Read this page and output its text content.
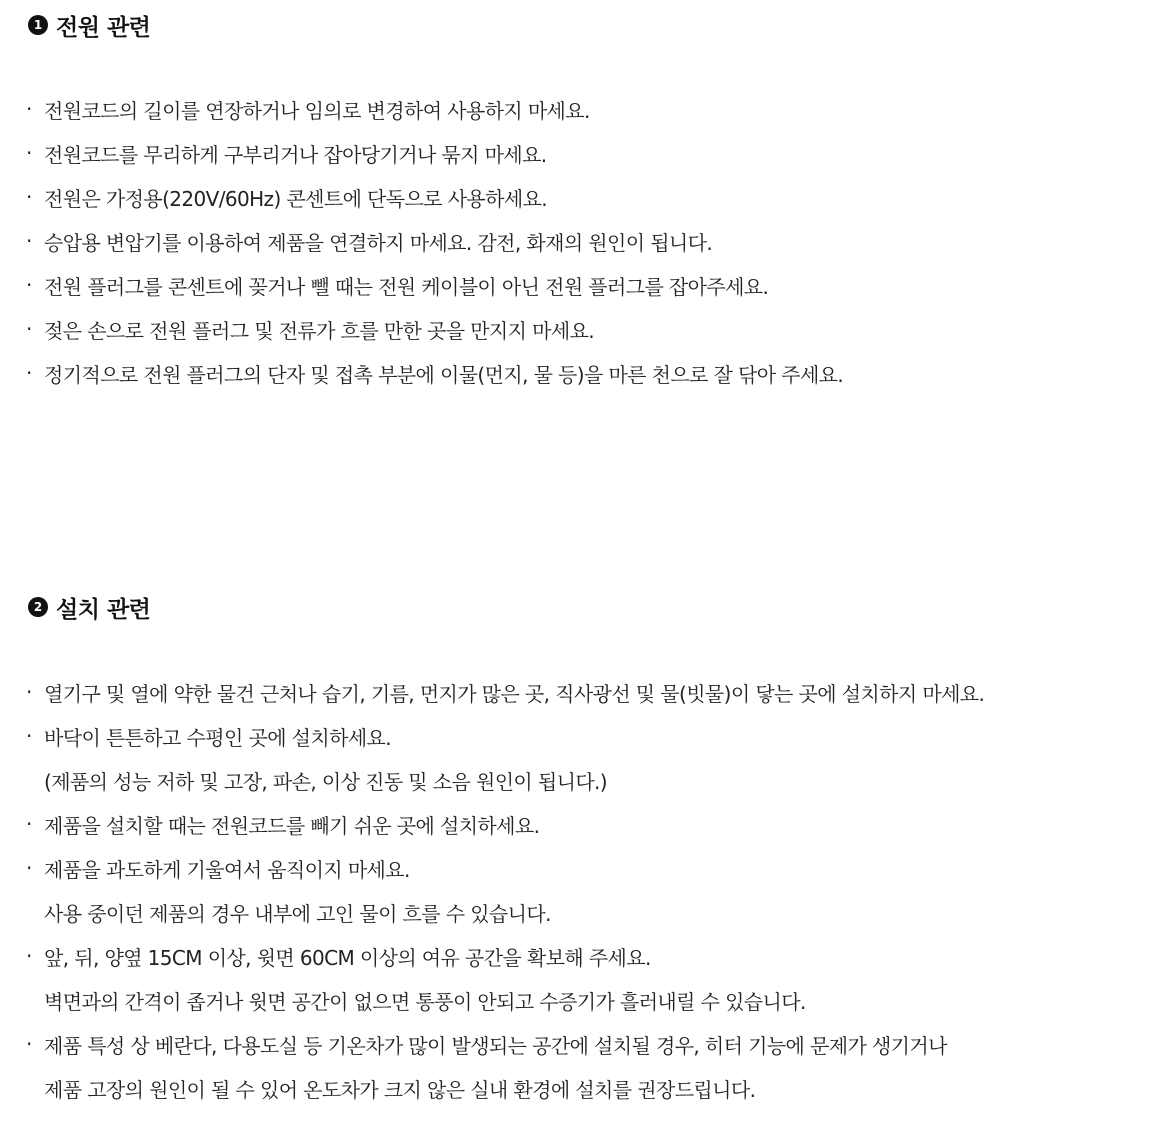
1 전원 관련
· 전원코드의 길이를 연장하거나 임의로 변경하여 사용하지 마세요.
· 전원코드를 무리하게 구부리거나 잡아당기거나 묶지 마세요.
· 전원은 가정용(220V/60Hz) 콘센트에 단독으로 사용하세요.
· 승압용 변압기를 이용하여 제품을 연결하지 마세요. 감전, 화재의 원인이 됩니다.
· 전원 플러그를 콘센트에 꽂거나 뺄 때는 전원 케이블이 아닌 전원 플러그를 잡아주세요.
· 젖은 손으로 전원 플러그 및 전류가 흐를 만한 곳을 만지지 마세요.
· 정기적으로 전원 플러그의 단자 및 접촉 부분에 이물(먼지, 물 등)을 마른 천으로 잘 닦아 주세요.
2 설치 관련
· 열기구 및 열에 약한 물건 근처나 습기, 기름, 먼지가 많은 곳, 직사광선 및 물(빗물)이 닿는 곳에 설치하지 마세요.
· 바닥이 튼튼하고 수평인 곳에 설치하세요.
(제품의 성능 저하 및 고장, 파손, 이상 진동 및 소음 원인이 됩니다.)
· 제품을 설치할 때는 전원코드를 빼기 쉬운 곳에 설치하세요.
· 제품을 과도하게 기울여서 움직이지 마세요.
사용 중이던 제품의 경우 내부에 고인 물이 흐를 수 있습니다.
· 앞, 뒤, 양옆 15CM 이상, 윗면 60CM 이상의 여유 공간을 확보해 주세요.
벽면과의 간격이 좁거나 윗면 공간이 없으면 통풍이 안되고 수증기가 흘러내릴 수 있습니다.
· 제품 특성 상 베란다, 다용도실 등 기온차가 많이 발생되는 공간에 설치될 경우, 히터 기능에 문제가 생기거나
제품 고장의 원인이 될 수 있어 온도차가 크지 않은 실내 환경에 설치를 권장드립니다.
